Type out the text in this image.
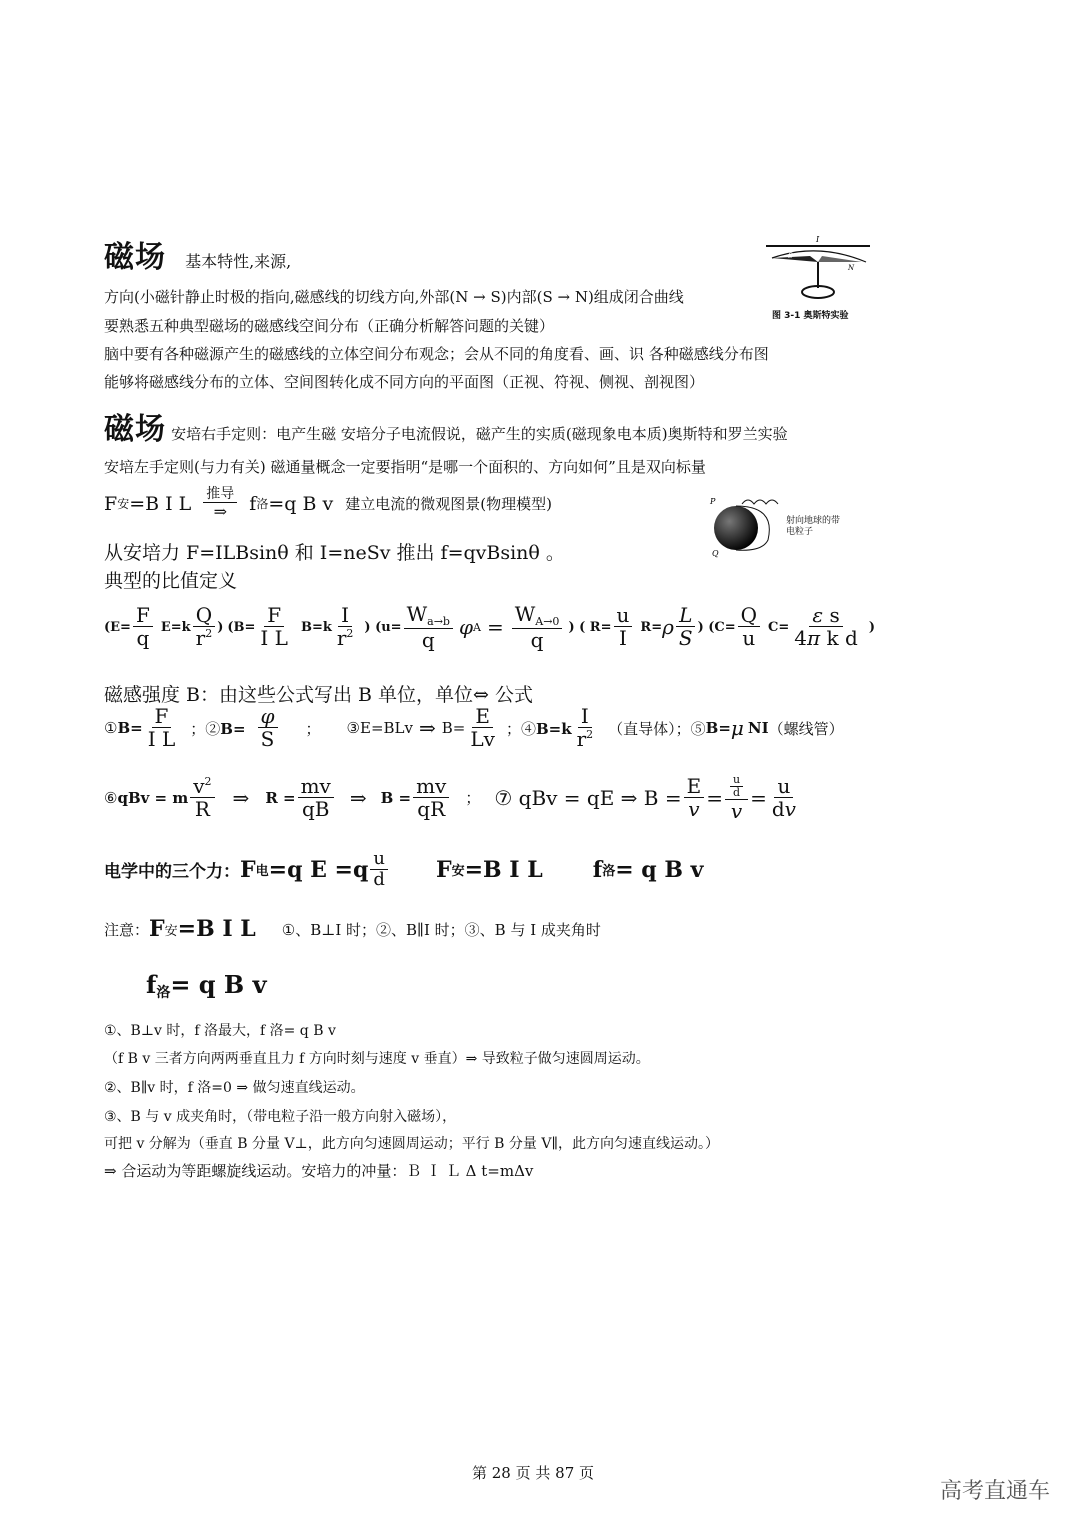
磁场 基本特性,来源,
I
S
N
图 3-1 奥斯特实验
方向(小磁针静止时极的指向,磁感线的切线方向,外部(N → S)内部(S → N)组成闭合曲线
要熟悉五种典型磁场的磁感线空间分布（正确分析解答问题的关键）
脑中要有各种磁源产生的磁感线的立体空间分布观念；会从不同的角度看、画、识 各种磁感线分布图
能够将磁感线分布的立体、空间图转化成不同方向的平面图（正视、符视、侧视、剖视图）
磁场 安培右手定则：电产生磁 安培分子电流假说，磁产生的实质(磁现象电本质)奥斯特和罗兰实验
安培左手定则(与力有关) 磁通量概念一定要指明“是哪一个面积的、方向如何”且是双向标量
F 安 =B I L $\frac{\text{推导}}{\Rightarrow}$ f 洛 =q B v 建立电流的微观图景(物理模型)	P
Q
射向地球的带电粒子
从安培力 F=ILBsinθ 和 I=neSv 推出 f=qvBsinθ 。
典型的比值定义
($E= \frac{F}{q} E=k \frac{Q}{r^2}$ ) ($B= \frac{F}{\text{I L}} B=k \frac{I}{r^2}$ ) ($u= \frac{W_{a\to b}}{q}$ φ $A = \frac{W_{A\to 0}}{q}$ ) ( $R= \frac{u}{I} R= \rho \frac{L}{S}$ ) ($C= \frac{Q}{u} C= \frac{\text{ε s}}{\text{4π k d}}$ )
磁感强度 B：由这些公式写出 B 单位，单位⇔ 公式
①B= $\frac{F}{\text{I L}}$ ；②B= $\frac{\varphi}{S}$ ； ③E=BLv ⇒ $B= \frac{E}{Lv}$ ；④B=k $\frac{I}{r^2}$ （直导体）；⑤ B= μ NI （螺线管）
⑥qBv = m $\frac{v^2}{R}$ ⇒ $R = \frac{mv}{qB}$ ⇒ $B = \frac{mv}{qR}$ ； ⑦ qBv = qE ⇒ $B = \frac{E}{v} = \frac{\frac{u}{d}}{v} = \frac{u}{dv}$
电学中的三个力： F 电 =q $E =q \frac{u}{d}$ F 安 =B I L f 洛 = q B v
注意： F 安 =B I L ①、B⊥I 时；②、B∥I 时；③、B 与 I 成夹角时
$f_洛= q$ B v
①、B⊥v 时，f 洛最大，f 洛= q B v
（f B v 三者方向两两垂直且力 f 方向时刻与速度 v 垂直）⇒ 导致粒子做匀速圆周运动。
②、B∥v 时，f 洛=0 ⇒ 做匀速直线运动。
③、B 与 v 成夹角时，（带电粒子沿一般方向射入磁场），
可把 v 分解为（垂直 B 分量 V⊥，此方向匀速圆周运动；平行 B 分量 V∥，此方向匀速直线运动。）
⇒ 合运动为等距螺旋线运动。安培力的冲量：Ｂ Ｉ Ｌ Δ t=mΔv
第 28 页 共 87 页
高考直通车
